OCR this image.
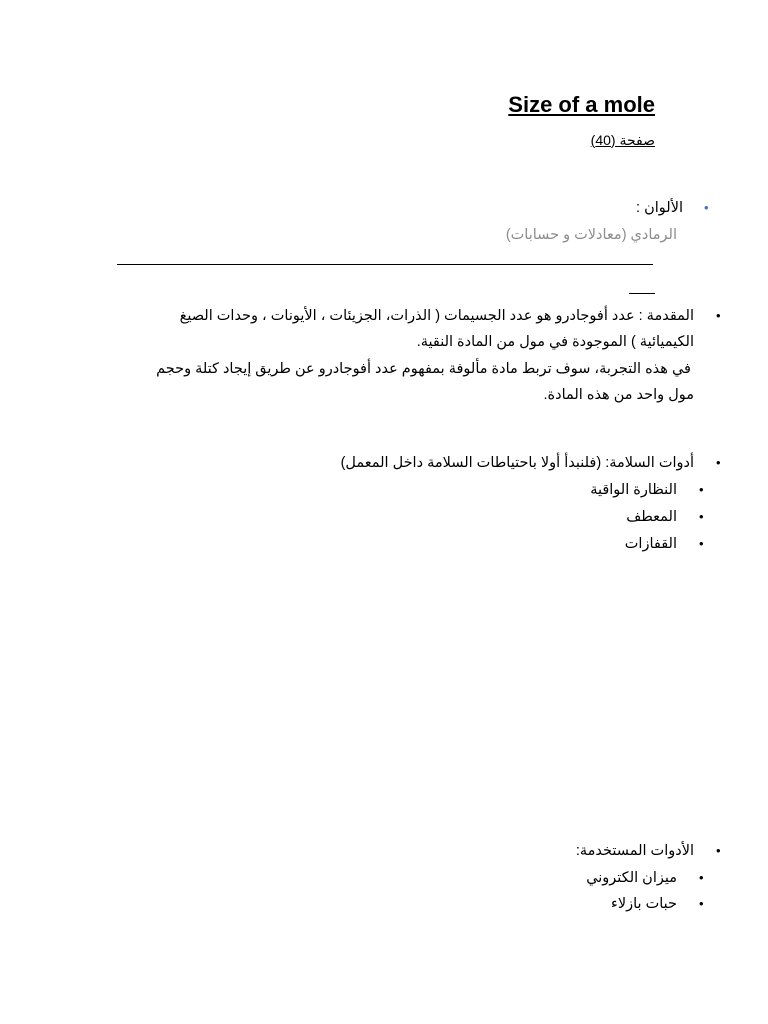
Size of a mole
صفحة (40)
•
الألوان :
الرمادي (معادلات و حسابات)
•
المقدمة : عدد أفوجادرو هو عدد الجسيمات ( الذرات، الجزيئات ، الأيونات ، وحدات الصيغ
الكيميائية ) الموجودة في مول من المادة النقية.
في هذه التجربة، سوف تربط مادة مألوفة بمفهوم عدد أفوجادرو عن طريق إيجاد كتلة وحجم
مول واحد من هذه المادة.
•
أدوات السلامة: (فلنبدأ أولا باحتياطات السلامة داخل المعمل)
•
النظارة الواقية
•
المعطف
•
القفازات
•
الأدوات المستخدمة:
•
ميزان الكتروني
•
حبات بازلاء
